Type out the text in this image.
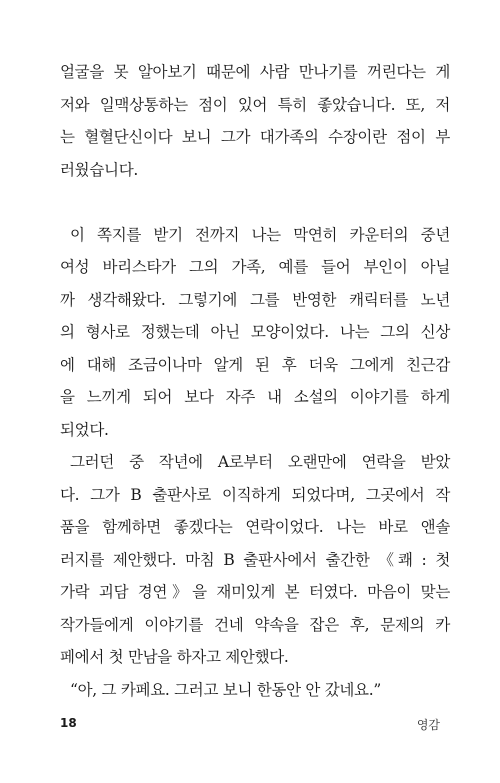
얼굴을 못 알아보기 때문에 사람 만나기를 꺼린다는 게
저와 일맥상통하는 점이 있어 특히 좋았습니다. 또, 저
는 혈혈단신이다 보니 그가 대가족의 수장이란 점이 부
러웠습니다.
이 쪽지를 받기 전까지 나는 막연히 카운터의 중년
여성 바리스타가 그의 가족, 예를 들어 부인이 아닐
까 생각해왔다. 그렇기에 그를 반영한 캐릭터를 노년
의 형사로 정했는데 아닌 모양이었다. 나는 그의 신상
에 대해 조금이나마 알게 된 후 더욱 그에게 친근감
을 느끼게 되어 보다 자주 내 소설의 이야기를 하게
되었다.
그러던 중 작년에 A로부터 오랜만에 연락을 받았
다. 그가 B 출판사로 이직하게 되었다며, 그곳에서 작
품을 함께하면 좋겠다는 연락이었다. 나는 바로 앤솔
러지를 제안했다. 마침 B 출판사에서 출간한 《쾌 : 첫
가락 괴담 경연》을 재미있게 본 터였다. 마음이 맞는
작가들에게 이야기를 건네 약속을 잡은 후, 문제의 카
페에서 첫 만남을 하자고 제안했다.
“아, 그 카페요. 그러고 보니 한동안 안 갔네요.”
18	영감
